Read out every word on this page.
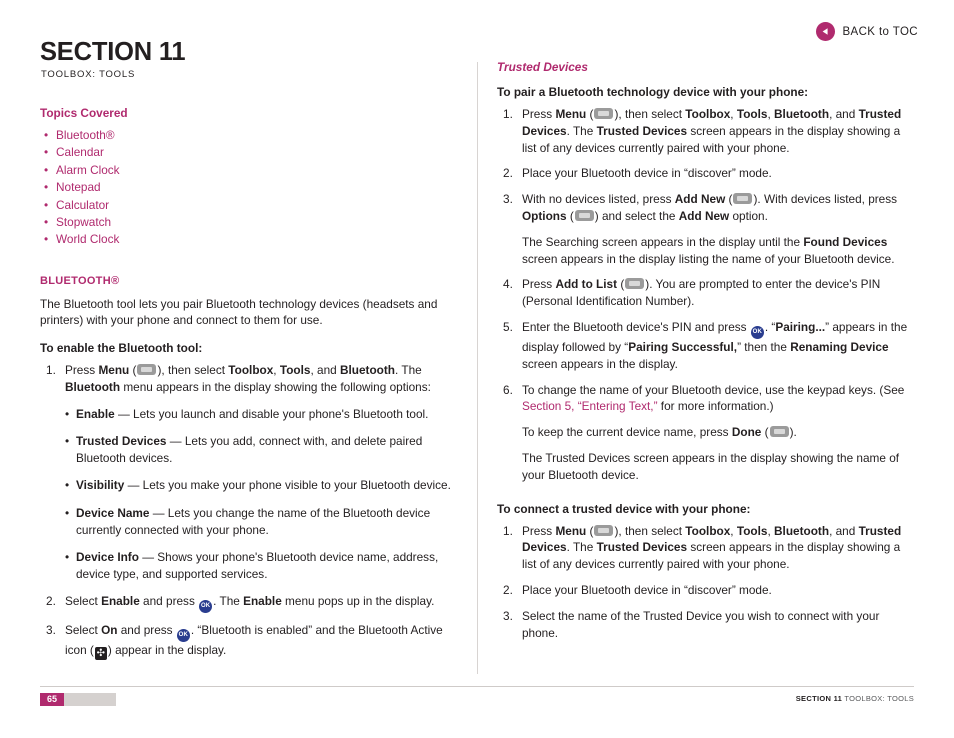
BACK to TOC
SECTION 11
TOOLBOX: TOOLS
Topics Covered
• Bluetooth®
• Calendar
• Alarm Clock
• Notepad
• Calculator
• Stopwatch
• World Clock
BLUETOOTH®

The Bluetooth tool lets you pair Bluetooth technology devices (headsets and printers) with your phone and connect to them for use.

To enable the Bluetooth tool:
Press Menu ( ), then select Toolbox, Tools, and Bluetooth. The Bluetooth menu appears in the display showing the following options:
• Enable — Lets you launch and disable your phone's Bluetooth tool.
• Trusted Devices — Lets you add, connect with, and delete paired Bluetooth devices.
• Visibility — Lets you make your phone visible to your Bluetooth device.
• Device Name — Lets you change the name of the Bluetooth device currently connected with your phone.
• Device Info — Shows your phone's Bluetooth device name, address, device type, and supported services.
Select Enable and press OK . The Enable menu pops up in the display.
Select On and press OK . “Bluetooth is enabled” and the Bluetooth Active icon ( ✣ ) appear in the display.
Trusted Devices
To pair a Bluetooth technology device with your phone:
Press Menu ( ), then select Toolbox, Tools, Bluetooth, and Trusted Devices. The Trusted Devices screen appears in the display showing a list of any devices currently paired with your phone.
Place your Bluetooth device in “discover” mode.
With no devices listed, press Add New ( ). With devices listed, press Options ( ) and select the Add New option.
The Searching screen appears in the display until the Found Devices screen appears in the display listing the name of your Bluetooth device.
Press Add to List ( ). You are prompted to enter the device's PIN (Personal Identification Number).
Enter the Bluetooth device's PIN and press OK . “Pairing...” appears in the display followed by “Pairing Successful,” then the Renaming Device screen appears in the display.
To change the name of your Bluetooth device, use the keypad keys. (See Section 5, “Entering Text,” for more information.)
To keep the current device name, press Done ( ).
The Trusted Devices screen appears in the display showing the name of your Bluetooth device.
To connect a trusted device with your phone:
Press Menu ( ), then select Toolbox, Tools, Bluetooth, and Trusted Devices. The Trusted Devices screen appears in the display showing a list of any devices currently paired with your phone.
Place your Bluetooth device in “discover” mode.
Select the name of the Trusted Device you wish to connect with your phone.
65	SECTION 11 TOOLBOX: TOOLS
